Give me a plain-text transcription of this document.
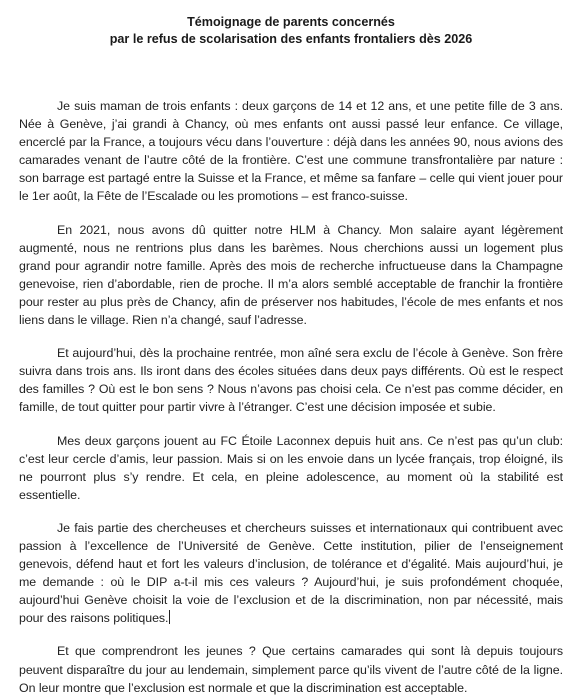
Témoignage de parents concernés
par le refus de scolarisation des enfants frontaliers dès 2026

Je suis maman de trois enfants : deux garçons de 14 et 12 ans, et une petite fille de 3 ans. Née à Genève, j’ai grandi à Chancy, où mes enfants ont aussi passé leur enfance. Ce village, encerclé par la France, a toujours vécu dans l’ouverture : déjà dans les années 90, nous avions des camarades venant de l’autre côté de la frontière. C’est une commune transfrontalière par nature : son barrage est partagé entre la Suisse et la France, et même sa fanfare – celle qui vient jouer pour le 1er août, la Fête de l’Escalade ou les promotions – est franco-suisse.

En 2021, nous avons dû quitter notre HLM à Chancy. Mon salaire ayant légèrement augmenté, nous ne rentrions plus dans les barèmes. Nous cherchions aussi un logement plus grand pour agrandir notre famille. Après des mois de recherche infructueuse dans la Champagne genevoise, rien d’abordable, rien de proche. Il m’a alors semblé acceptable de franchir la frontière pour rester au plus près de Chancy, afin de préserver nos habitudes, l’école de mes enfants et nos liens dans le village. Rien n’a changé, sauf l’adresse.

Et aujourd’hui, dès la prochaine rentrée, mon aîné sera exclu de l’école à Genève. Son frère suivra dans trois ans. Ils iront dans des écoles situées dans deux pays différents. Où est le respect des familles ? Où est le bon sens ? Nous n’avons pas choisi cela. Ce n’est pas comme décider, en famille, de tout quitter pour partir vivre à l’étranger. C’est une décision imposée et subie.

Mes deux garçons jouent au FC Étoile Laconnex depuis huit ans. Ce n’est pas qu’un club: c’est leur cercle d’amis, leur passion. Mais si on les envoie dans un lycée français, trop éloigné, ils ne pourront plus s’y rendre. Et cela, en pleine adolescence, au moment où la stabilité est essentielle.

Je fais partie des chercheuses et chercheurs suisses et internationaux qui contribuent avec passion à l’excellence de l’Université de Genève. Cette institution, pilier de l’enseignement genevois, défend haut et fort les valeurs d’inclusion, de tolérance et d’égalité. Mais aujourd’hui, je me demande : où le DIP a-t-il mis ces valeurs ? Aujourd’hui, je suis profondément choquée, aujourd’hui Genève choisit la voie de l’exclusion et de la discrimination, non par nécessité, mais pour des raisons politiques.

Et que comprendront les jeunes ? Que certains camarades qui sont là depuis toujours peuvent disparaître du jour au lendemain, simplement parce qu’ils vivent de l’autre côté de la ligne. On leur montre que l’exclusion est normale et que la discrimination est acceptable.
